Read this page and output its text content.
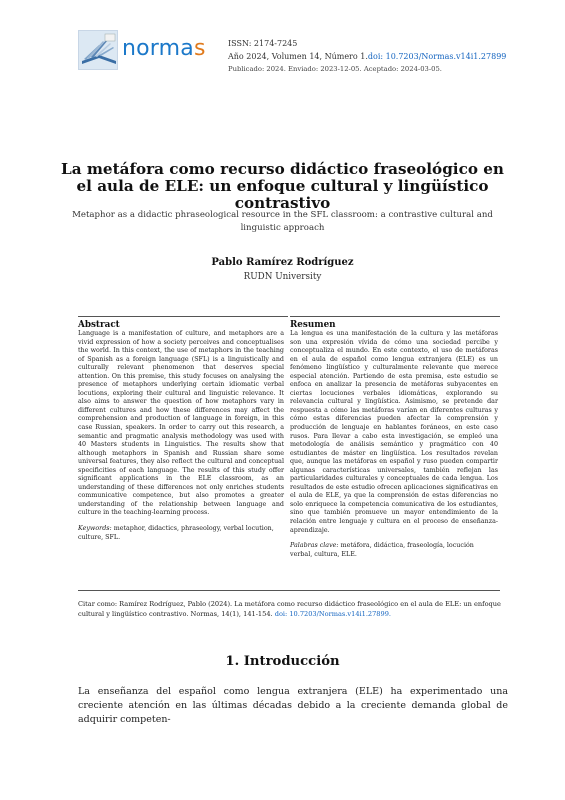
normas	ISSN: 2174-7245
Año 2024, Volumen 14, Número 1.doi: 10.7203/Normas.v14i1.27899
Publicado: 2024. Enviado: 2023-12-05. Aceptado: 2024-03-05.
La metáfora como recurso didáctico fraseológico en el aula de ELE: un enfoque cultural y lingüístico contrastivo
Metaphor as a didactic phraseological resource in the SFL classroom: a contrastive cultural and linguistic approach
Pablo Ramírez Rodríguez
RUDN University
Abstract
Language is a manifestation of culture, and metaphors are a vivid expression of how a society perceives and conceptualises the world. In this context, the use of metaphors in the teaching of Spanish as a foreign language (SFL) is a linguistically and culturally relevant phenomenon that deserves special attention. On this premise, this study focuses on analysing the presence of metaphors underlying certain idiomatic verbal locutions, exploring their cultural and linguistic relevance. It also aims to answer the question of how metaphors vary in different cultures and how these differences may affect the comprehension and production of language in foreign, in this case Russian, speakers. In order to carry out this research, a semantic and pragmatic analysis methodology was used with 40 Masters students in Linguistics. The results show that although metaphors in Spanish and Russian share some universal features, they also reflect the cultural and conceptual specificities of each language. The results of this study offer significant applications in the ELE classroom, as an understanding of these differences not only enriches students communicative competence, but also promotes a greater understanding of the relationship between language and culture in the teaching-learning process.
Keywords: metaphor, didactics, phraseology, verbal locution, culture, SFL.
Resumen
La lengua es una manifestación de la cultura y las metáforas son una expresión vívida de cómo una sociedad percibe y conceptualiza el mundo. En este contexto, el uso de metáforas en el aula de español como lengua extranjera (ELE) es un fenómeno lingüístico y culturalmente relevante que merece especial atención. Partiendo de esta premisa, este estudio se enfoca en analizar la presencia de metáforas subyacentes en ciertas locuciones verbales idiomáticas, explorando su relevancia cultural y lingüística. Asimismo, se pretende dar respuesta a cómo las metáforas varían en diferentes culturas y cómo estas diferencias pueden afectar la comprensión y producción de lenguaje en hablantes foráneos, en este caso rusos. Para llevar a cabo esta investigación, se empleó una metodología de análisis semántico y pragmático con 40 estudiantes de máster en lingüística. Los resultados revelan que, aunque las metáforas en español y ruso pueden compartir algunas características universales, también reflejan las particularidades culturales y conceptuales de cada lengua. Los resultados de este estudio ofrecen aplicaciones significativas en el aula de ELE, ya que la comprensión de estas diferencias no solo enriquece la competencia comunicativa de los estudiantes, sino que también promueve un mayor entendimiento de la relación entre lenguaje y cultura en el proceso de enseñanza-aprendizaje.
Palabras clave: metáfora, didáctica, fraseología, locución verbal, cultura, ELE.
Citar como: Ramírez Rodríguez, Pablo (2024). La metáfora como recurso didáctico fraseológico en el aula de ELE: un enfoque cultural y lingüístico contrastivo. Normas, 14(1), 141-154. doi: 10.7203/Normas.v14i1.27899.
1. Introducción
La enseñanza del español como lengua extranjera (ELE) ha experimentado una creciente atención en las últimas décadas debido a la creciente demanda global de adquirir competen-
